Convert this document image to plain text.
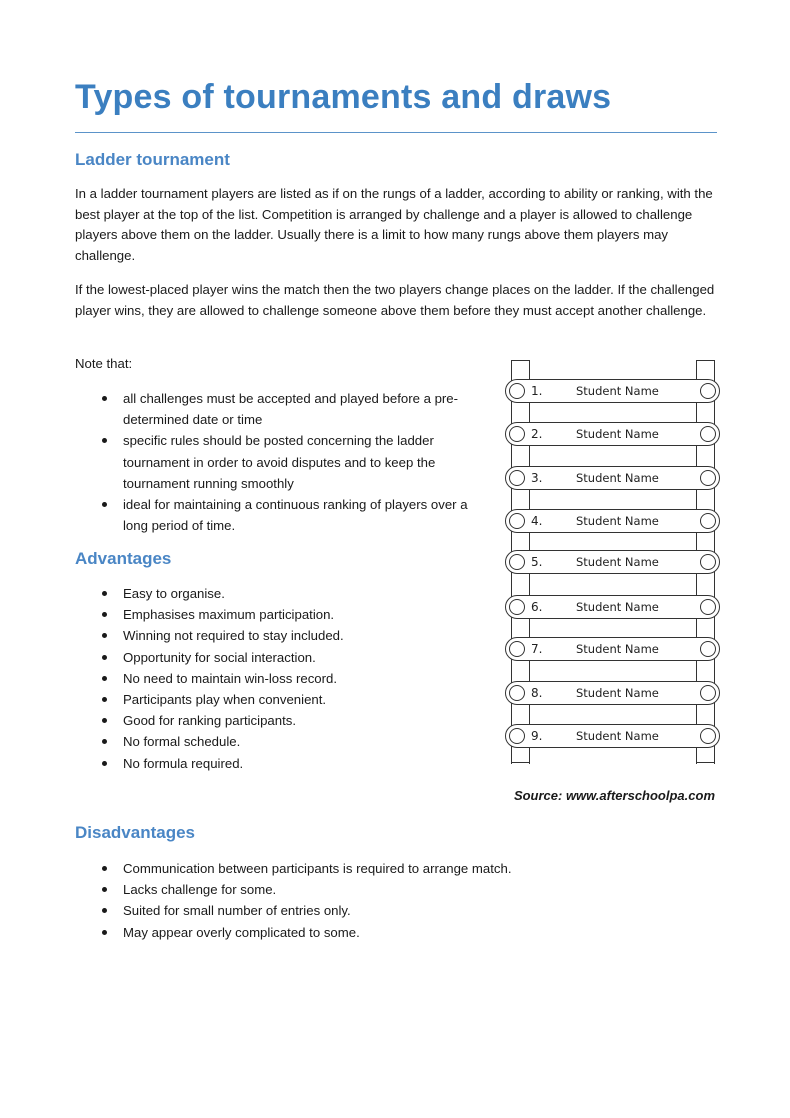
Types of tournaments and draws
Ladder tournament

In a ladder tournament players are listed as if on the rungs of a ladder, according to ability or ranking, with the best player at the top of the list. Competition is arranged by challenge and a player is allowed to challenge players above them on the ladder. Usually there is a limit to how many rungs above them players may challenge.

If the lowest-placed player wins the match then the two players change places on the ladder. If the challenged player wins, they are allowed to challenge someone above them before they must accept another challenge.

Note that:

all challenges must be accepted and played before a pre-determined date or time
specific rules should be posted concerning the ladder tournament in order to avoid disputes and to keep the tournament running smoothly
ideal for maintaining a continuous ranking of players over a long period of time.
Advantages
Easy to organise.
Emphasises maximum participation.
Winning not required to stay included.
Opportunity for social interaction.
No need to maintain win-loss record.
Participants play when convenient.
Good for ranking participants.
No formal schedule.
No formula required.
1.	Student Name
2.	Student Name
3.	Student Name
4.	Student Name
5.	Student Name
6.	Student Name
7.	Student Name
8.	Student Name
9.	Student Name
Source: www.afterschoolpa.com
Disadvantages
Communication between participants is required to arrange match.
Lacks challenge for some.
Suited for small number of entries only.
May appear overly complicated to some.
